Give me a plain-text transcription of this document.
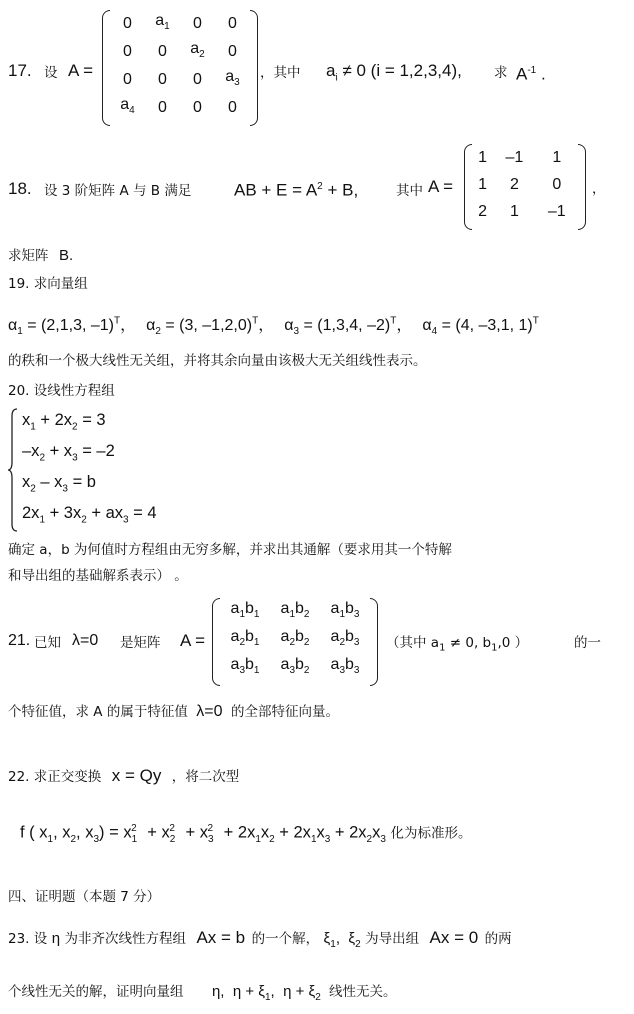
17. 设 A =
0	$a_1$	0	0
0	0	$a_2$	0
0	0	0	$a_3$
$a_4$	0	0	0
，其中 $a_i \ne 0$ (i = 1,2,3,4), 求 $A^{-1}$ .
18. 设 3 阶矩阵 A 与 B 满足	AB + $E = A^2 + B$,	其中 A =
1	–1	1
1	2	0
2	1	–1
，
求矩阵 B.
19. 求向量组
$\alpha_1 = (2,1,3$, –1)$^T$， $\alpha_2 = (3$, –1,2,0)$^T$， $\alpha_3 = (1,3,4$, –2)$^T$， $\alpha_4 = (4$, –3,1, 1)$^T$
的秩和一个极大线性无关组，并将其余向量由该极大无关组线性表示。
20. 设线性方程组
$x_1 + 2x_2 = 3$
$-x_2 + x_3 = -2$
$x_2 - x_3 = b$
$2x_1 + 3x_2 + ax_3 = 4$
确定 a，b 为何值时方程组由无穷多解，并求出其通解（要求用其一个特解
和导出组的基础解系表示） 。
21. 已知 λ=0 是矩阵 A =
$a_1b_1$	$a_1b_2$	$a_1b_3$
$a_2b_1$	$a_2b_2$	$a_2b_3$
$a_3b_1$	$a_3b_2$	$a_3b_3$
（其中 $a_1 \ne 0$, $b_1,0$ ）	的一
个特征值，求 A 的属于特征值 λ=0 的全部特征向量。
22. 求正交变换 x = Qy ，将二次型
f ( $x_1$, $x_2$, $x_3) = x_1^2 + x_2^2 + x_3^2 + 2x_1x_2 + 2x_1x_3 + 2x_2x_3$ 化为标准形。
四、证明题（本题 7 分）
23. 设 η 为非齐次线性方程组 Ax = b 的一个解， $\xi_1$,  $\xi_2$ 为导出组 Ax = 0 的两
个线性无关的解，证明向量组 η,  $\eta + \xi_1$,  $\eta + \xi_2$ 线性无关。
